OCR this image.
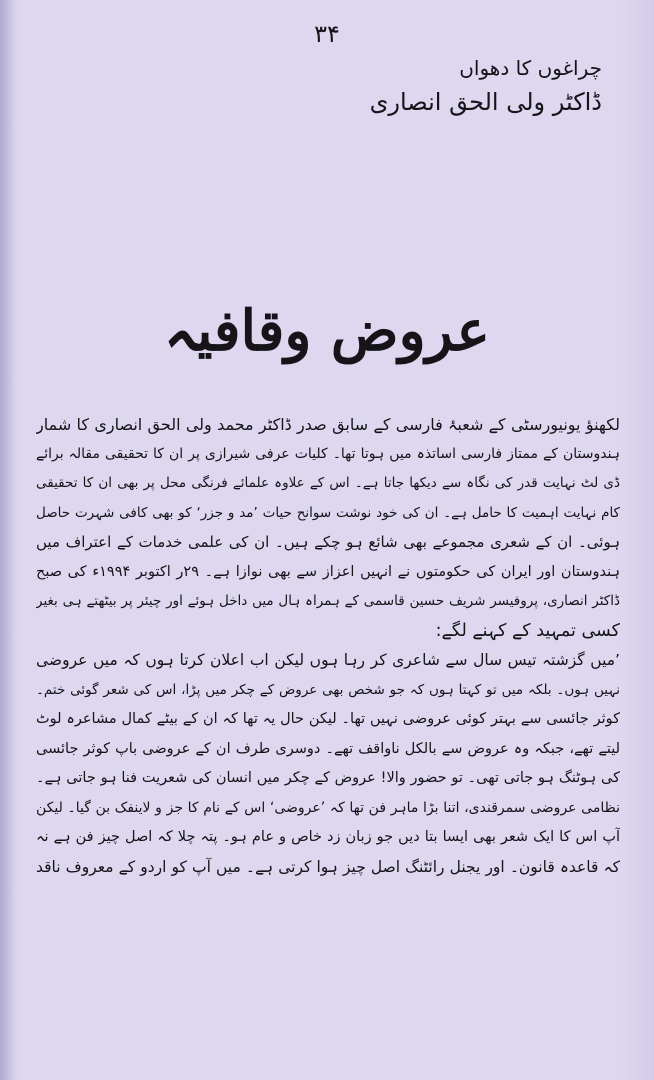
۳۴
چراغوں کا دھواں
ڈاکٹر ولی الحق انصاری
عروض وقافیہ
لکھنؤ یونیورسٹی کے شعبۂ فارسی کے سابق صدر ڈاکٹر محمد ولی الحق انصاری کا شمار
ہندوستان کے ممتاز فارسی اساتذہ میں ہوتا تھا۔ کلیات عرفی شیرازی پر ان کا تحقیقی مقالہ برائے
ڈی لٹ نہایت قدر کی نگاہ سے دیکھا جاتا ہے۔ اس کے علاوہ علمائے فرنگی محل پر بھی ان کا تحقیقی
کام نہایت اہمیت کا حامل ہے۔ ان کی خود نوشت سوانح حیات ’مد و جزر‘ کو بھی کافی شہرت حاصل
ہوئی۔ ان کے شعری مجموعے بھی شائع ہو چکے ہیں۔ ان کی علمی خدمات کے اعتراف میں
ہندوستان اور ایران کی حکومتوں نے انہیں اعزاز سے بھی نوازا ہے۔ ۲۹ر اکتوبر ۱۹۹۴ء کی صبح
ڈاکٹر انصاری، پروفیسر شریف حسین قاسمی کے ہمراہ ہال میں داخل ہوئے اور چیئر پر بیٹھتے ہی بغیر
کسی تمہید کے کہنے لگے:
’میں گزشتہ تیس سال سے شاعری کر رہا ہوں لیکن اب اعلان کرتا ہوں کہ میں عروضی
نہیں ہوں۔ بلکہ میں تو کہتا ہوں کہ جو شخص بھی عروض کے چکر میں پڑا، اس کی شعر گوئی ختم۔
کوثر جائسی سے بہتر کوئی عروضی نہیں تھا۔ لیکن حال یہ تھا کہ ان کے بیٹے کمال مشاعرہ لوٹ
لیتے تھے، جبکہ وہ عروض سے بالکل ناواقف تھے۔ دوسری طرف ان کے عروضی باپ کوثر جائسی
کی ہوٹنگ ہو جاتی تھی۔ تو حضور والا! عروض کے چکر میں انسان کی شعریت فنا ہو جاتی ہے۔
نظامی عروضی سمرقندی، اتنا بڑا ماہر فن تھا کہ ’عروضی‘ اس کے نام کا جز و لاینفک بن گیا۔ لیکن
آپ اس کا ایک شعر بھی ایسا بتا دیں جو زبان زد خاص و عام ہو۔ پتہ چلا کہ اصل چیز فن ہے نہ
کہ قاعدہ قانون۔ اور یجنل رائٹنگ اصل چیز ہوا کرتی ہے۔ میں آپ کو اردو کے معروف ناقد
